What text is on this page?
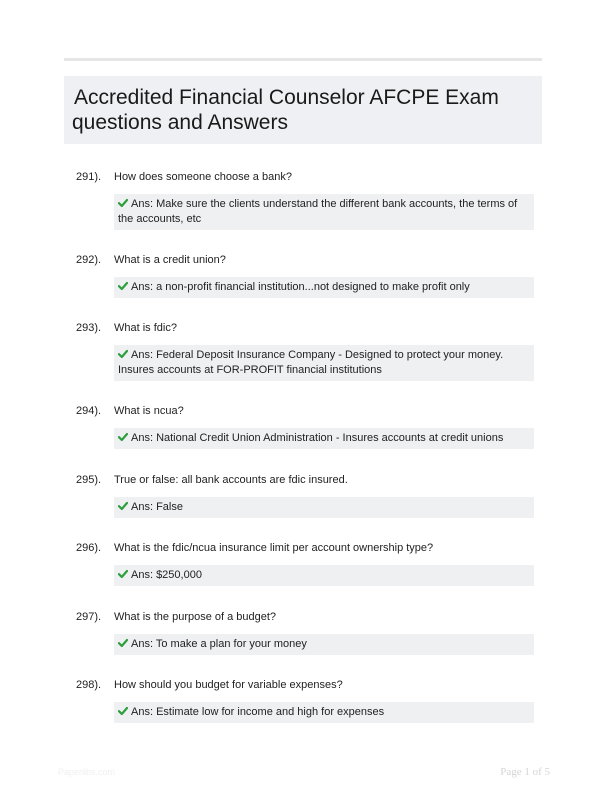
Accredited Financial Counselor AFCPE Exam
questions and Answers
291). How does someone choose a bank?
Ans: Make sure the clients understand the different bank accounts, the terms of the accounts, etc
292). What is a credit union?
Ans: a non-profit financial institution...not designed to make profit only
293). What is fdic?
Ans: Federal Deposit Insurance Company - Designed to protect your money. Insures accounts at FOR-PROFIT financial institutions
294). What is ncua?
Ans: National Credit Union Administration - Insures accounts at credit unions
295). True or false: all bank accounts are fdic insured.
Ans: False
296). What is the fdic/ncua insurance limit per account ownership type?
Ans: $250,000
297). What is the purpose of a budget?
Ans: To make a plan for your money
298). How should you budget for variable expenses?
Ans: Estimate low for income and high for expenses
Paperlibs.com	Page 1 of 5
